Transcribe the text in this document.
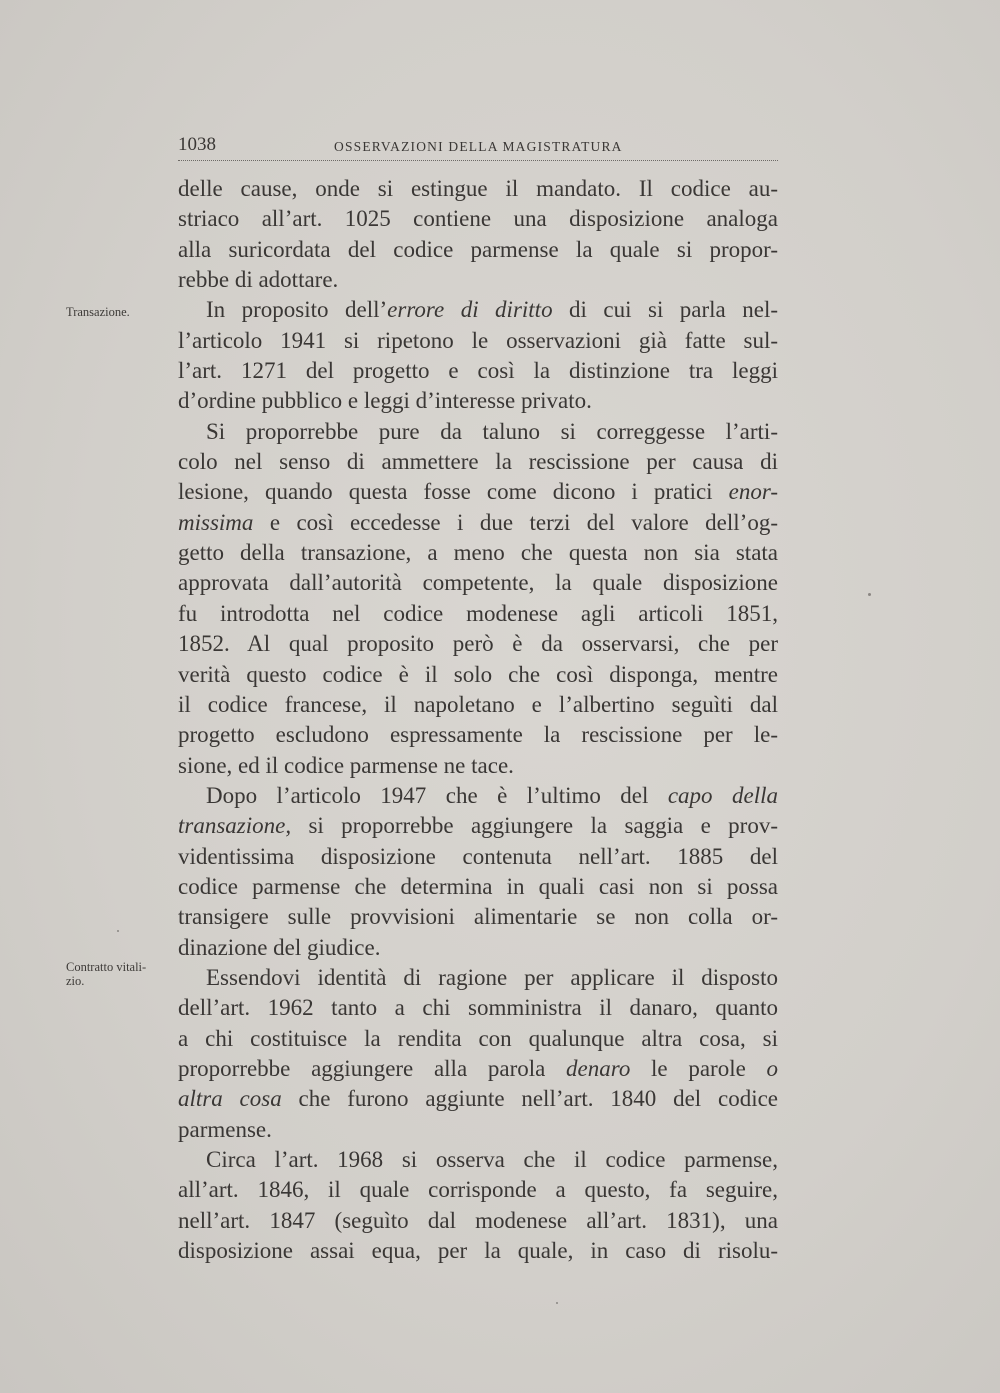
1038	OSSERVAZIONI DELLA MAGISTRATURA
Transazione.
Contratto vitali-
zio.
delle cause, onde si estingue il mandato. Il codice au-
striaco all’art. 1025 contiene una disposizione analoga
alla suricordata del codice parmense la quale si propor-
rebbe di adottare.
In proposito dell’errore di diritto di cui si parla nel-
l’articolo 1941 si ripetono le osservazioni già fatte sul-
l’art. 1271 del progetto e così la distinzione tra leggi
d’ordine pubblico e leggi d’interesse privato.
Si proporrebbe pure da taluno si correggesse l’arti-
colo nel senso di ammettere la rescissione per causa di
lesione, quando questa fosse come dicono i pratici enor-
missima e così eccedesse i due terzi del valore dell’og-
getto della transazione, a meno che questa non sia stata
approvata dall’autorità competente, la quale disposizione
fu introdotta nel codice modenese agli articoli 1851,
1852. Al qual proposito però è da osservarsi, che per
verità questo codice è il solo che così disponga, mentre
il codice francese, il napoletano e l’albertino seguìti dal
progetto escludono espressamente la rescissione per le-
sione, ed il codice parmense ne tace.
Dopo l’articolo 1947 che è l’ultimo del capo della
transazione, si proporrebbe aggiungere la saggia e prov-
videntissima disposizione contenuta nell’art. 1885 del
codice parmense che determina in quali casi non si possa
transigere sulle provvisioni alimentarie se non colla or-
dinazione del giudice.
Essendovi identità di ragione per applicare il disposto
dell’art. 1962 tanto a chi somministra il danaro, quanto
a chi costituisce la rendita con qualunque altra cosa, si
proporrebbe aggiungere alla parola denaro le parole o
altra cosa che furono aggiunte nell’art. 1840 del codice
parmense.
Circa l’art. 1968 si osserva che il codice parmense,
all’art. 1846, il quale corrisponde a questo, fa seguire,
nell’art. 1847 (seguìto dal modenese all’art. 1831), una
disposizione assai equa, per la quale, in caso di risolu-
